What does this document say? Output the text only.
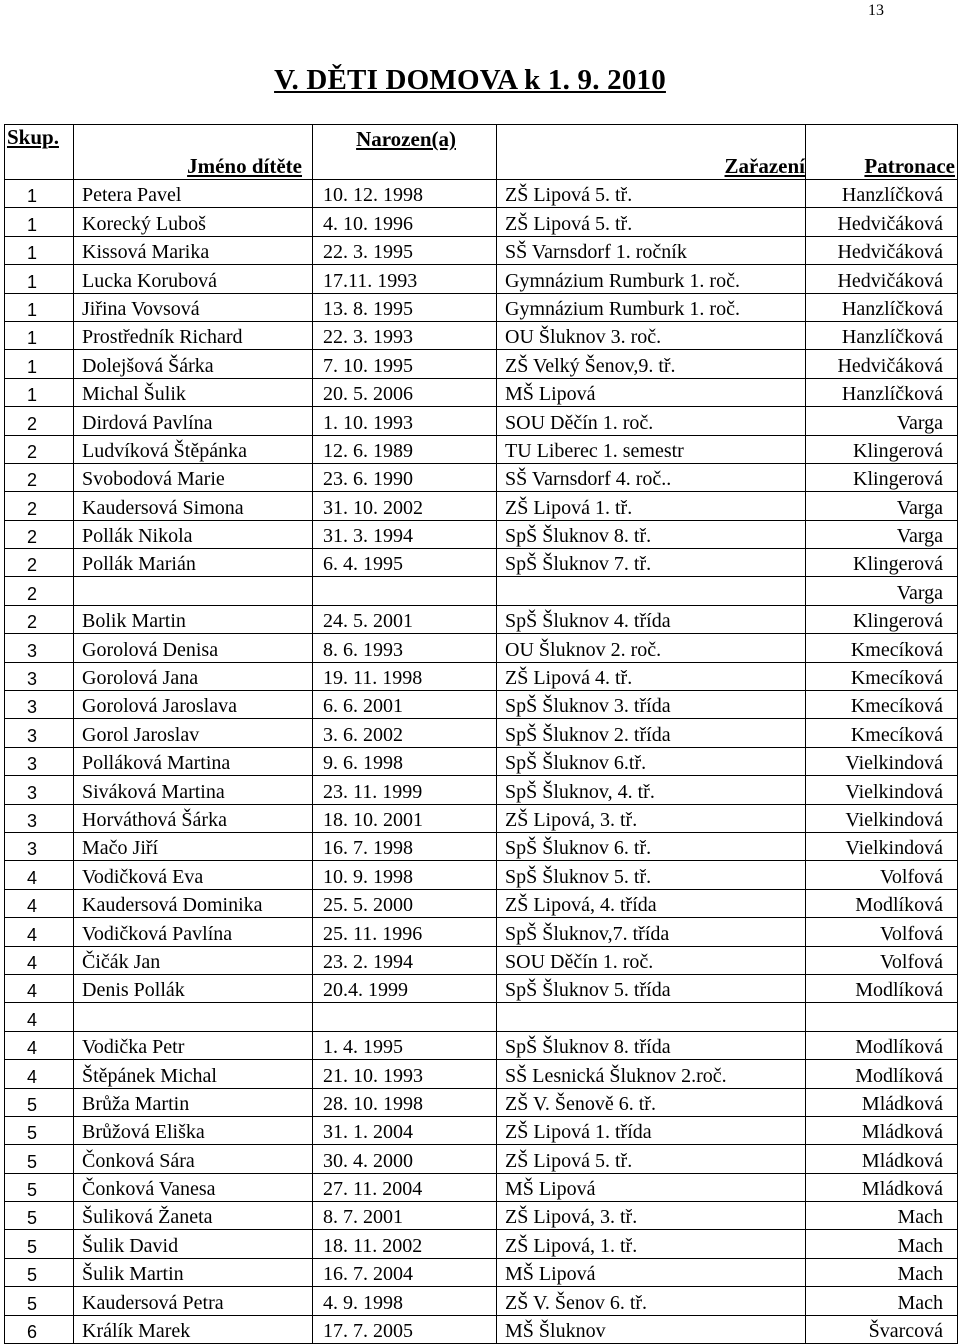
13
V. DĚTI DOMOVA k 1. 9. 2010
Skup.	Jméno dítěte	Narozen(a)	Zařazení	Patronace
1	Petera Pavel	10. 12. 1998	ZŠ Lipová 5. tř.	Hanzlíčková
1	Korecký Luboš	4. 10. 1996	ZŠ Lipová 5. tř.	Hedvičáková
1	Kissová Marika	22. 3. 1995	SŠ Varnsdorf 1. ročník	Hedvičáková
1	Lucka Korubová	17.11. 1993	Gymnázium Rumburk 1. roč.	Hedvičáková
1	Jiřina Vovsová	13. 8. 1995	Gymnázium Rumburk 1. roč.	Hanzlíčková
1	Prostředník Richard	22. 3. 1993	OU Šluknov 3. roč.	Hanzlíčková
1	Dolejšová Šárka	7. 10. 1995	ZŠ Velký Šenov,9. tř.	Hedvičáková
1	Michal Šulik	20. 5. 2006	MŠ Lipová	Hanzlíčková
2	Dirdová Pavlína	1. 10. 1993	SOU Děčín 1. roč.	Varga
2	Ludvíková Štěpánka	12. 6. 1989	TU Liberec 1. semestr	Klingerová
2	Svobodová Marie	23. 6. 1990	SŠ Varnsdorf 4. roč..	Klingerová
2	Kaudersová Simona	31. 10. 2002	ZŠ Lipová 1. tř.	Varga
2	Pollák Nikola	31. 3. 1994	SpŠ Šluknov 8. tř.	Varga
2	Pollák Marián	6. 4. 1995	SpŠ Šluknov 7. tř.	Klingerová
2				Varga
2	Bolik Martin	24. 5. 2001	SpŠ Šluknov 4. třída	Klingerová
3	Gorolová Denisa	8. 6. 1993	OU Šluknov 2. roč.	Kmecíková
3	Gorolová Jana	19. 11. 1998	ZŠ Lipová 4. tř.	Kmecíková
3	Gorolová Jaroslava	6. 6. 2001	SpŠ Šluknov 3. třída	Kmecíková
3	Gorol Jaroslav	3. 6. 2002	SpŠ Šluknov 2. třída	Kmecíková
3	Polláková Martina	9. 6. 1998	SpŠ Šluknov 6.tř.	Vielkindová
3	Siváková Martina	23. 11. 1999	SpŠ Šluknov, 4. tř.	Vielkindová
3	Horváthová Šárka	18. 10. 2001	ZŠ Lipová, 3. tř.	Vielkindová
3	Mačo Jiří	16. 7. 1998	SpŠ Šluknov 6. tř.	Vielkindová
4	Vodičková Eva	10. 9. 1998	SpŠ Šluknov 5. tř.	Volfová
4	Kaudersová Dominika	25. 5. 2000	ZŠ Lipová, 4. třída	Modlíková
4	Vodičková Pavlína	25. 11. 1996	SpŠ Šluknov,7. třída	Volfová
4	Čičák Jan	23. 2. 1994	SOU Děčín 1. roč.	Volfová
4	Denis Pollák	20.4. 1999	SpŠ Šluknov 5. třída	Modlíková
4				
4	Vodička Petr	1. 4. 1995	SpŠ Šluknov 8. třída	Modlíková
4	Štěpánek Michal	21. 10. 1993	SŠ Lesnická Šluknov 2.roč.	Modlíková
5	Brůža Martin	28. 10. 1998	ZŠ V. Šenově 6. tř.	Mládková
5	Brůžová Eliška	31. 1. 2004	ZŠ Lipová 1. třída	Mládková
5	Čonková Sára	30. 4. 2000	ZŠ Lipová 5. tř.	Mládková
5	Čonková Vanesa	27. 11. 2004	MŠ Lipová	Mládková
5	Šuliková Žaneta	8. 7. 2001	ZŠ Lipová, 3. tř.	Mach
5	Šulik David	18. 11. 2002	ZŠ Lipová, 1. tř.	Mach
5	Šulik Martin	16. 7. 2004	MŠ Lipová	Mach
5	Kaudersová Petra	4. 9. 1998	ZŠ V. Šenov 6. tř.	Mach
6	Králík Marek	17. 7. 2005	MŠ Šluknov	Švarcová
